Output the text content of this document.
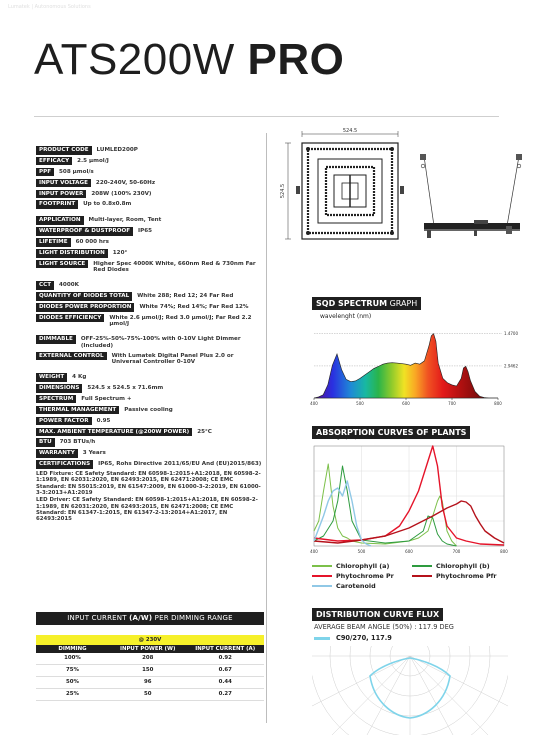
Lumatek | Autonomous Solutions
ATS200W PRO
PRODUCT CODE	LUMLED200P
EFFICACY	2.5 µmol/J
PPF	508 µmol/s
INPUT VOLTAGE	220-240V, 50-60Hz
INPUT POWER	208W (100% 230V)
FOOTPRINT	Up to 0.8x0.8m
APPLICATION	Multi-layer, Room, Tent
WATERPROOF & DUSTPROOF	IP65
LIFETIME	60 000 hrs
LIGHT DISTRIBUTION	120°
LIGHT SOURCE	Higher Spec 4000K White, 660nm Red & 730nm Far Red Diodes
CCT	4000K
QUANTITY OF DIODES TOTAL	White 288; Red 12; 24 Far Red
DIODES POWER PROPORTION	White 74%; Red 14%; Far Red 12%
DIODES EFFICIENCY	White 2.6 µmol/J; Red 3.0 µmol/J; Far Red 2.2 µmol/J
DIMMABLE	OFF-25%-50%-75%-100% with 0-10V Light Dimmer (Included)
EXTERNAL CONTROL	With Lumatek Digital Panel Plus 2.0 or Universal Controller 0-10V
WEIGHT	4 Kg
DIMENSIONS	524.5 x 524.5 x 71.6mm
SPECTRUM	Full Spectrum +
THERMAL MANAGEMENT	Passive cooling
POWER FACTOR	0.95
MAX. AMBIENT TEMPERATURE (@200W POWER)	25°C
BTU	703 BTUs/h
WARRANTY	3 Years
CERTIFICATIONS	IP65, Rohs Directive 2011/65/EU And (EU)2015/863)
LED Fixture: CE Safety Standard: EN 60598-1:2015+A1:2018, EN 60598-2-1:1989, EN 62031:2020, EN 62493:2015, EN 62471:2008; CE EMC Standard: EN 55015:2019, EN 61547:2009, EN 61000-3-2:2019, EN 61000-3-3:2013+A1:2019
LED Driver: CE Safety Standard: EN 60598-1:2015+A1:2018, EN 60598-2-1:1989, EN 62031:2020, EN 62493:2015, EN 62471:2008; CE EMC Standard: EN 61347-1:2015, EN 61347-2-13:2014+A1:2017, EN 62493:2015
INPUT CURRENT (A/W) PER DIMMING RANGE
@ 230V
DIMMING	INPUT POWER (W)	INPUT CURRENT (A)
100%	208	0.92
75%	150	0.67
50%	96	0.44
25%	50	0.27
524.5
524.5
SQD SPECTRUM GRAPH
wavelenght (nm)
2.9462
1.4700
400	500	600	700	800
ABSORPTION CURVES OF PLANTS
wavelenght (nm)
400	500	600	700	800
Chlorophyll (a)	Chlorophyll (b)
Phytochrome Pr	Phytochrome Pfr
Carotenoid
DISTRIBUTION CURVE FLUX
AVERAGE BEAM ANGLE (50%) : 117.9 DEG
C90/270, 117.9
